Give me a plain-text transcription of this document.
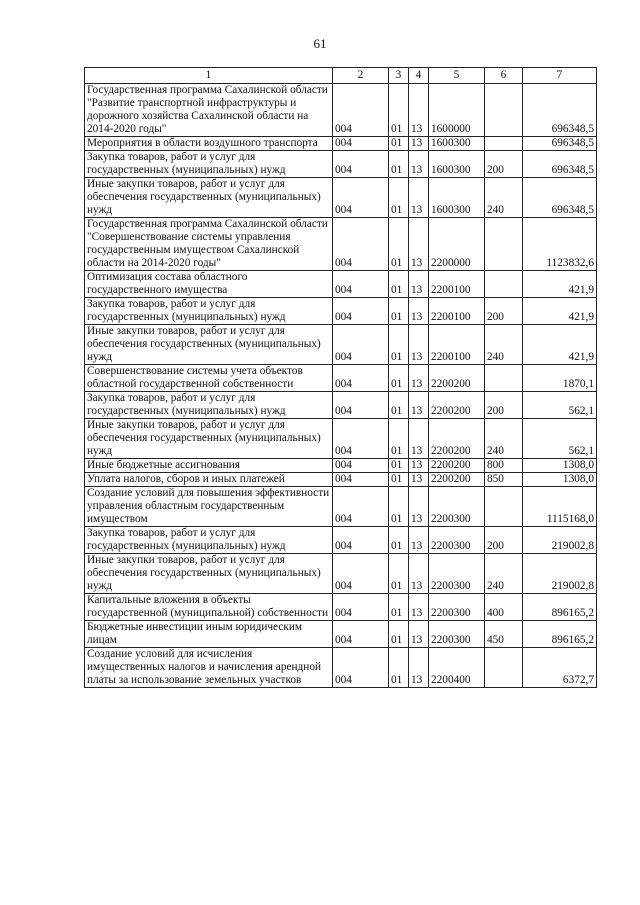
61
1	2	3	4	5	6	7
Государственная программа Сахалинской области "Развитие транспортной инфраструктуры и дорожного хозяйства Сахалинской области на 2014-2020 годы"	004	01	13	1600000		696348,5
Мероприятия в области воздушного транспорта	004	01	13	1600300		696348,5
Закупка товаров, работ и услуг для государственных (муниципальных) нужд	004	01	13	1600300	200	696348,5
Иные закупки товаров, работ и услуг для обеспечения государственных (муниципальных) нужд	004	01	13	1600300	240	696348,5
Государственная программа Сахалинской области "Совершенствование системы управления государственным имуществом Сахалинской области на 2014-2020 годы"	004	01	13	2200000		1123832,6
Оптимизация состава областного государственного имущества	004	01	13	2200100		421,9
Закупка товаров, работ и услуг для государственных (муниципальных) нужд	004	01	13	2200100	200	421,9
Иные закупки товаров, работ и услуг для обеспечения государственных (муниципальных) нужд	004	01	13	2200100	240	421,9
Совершенствование системы учета объектов областной государственной собственности	004	01	13	2200200		1870,1
Закупка товаров, работ и услуг для государственных (муниципальных) нужд	004	01	13	2200200	200	562,1
Иные закупки товаров, работ и услуг для обеспечения государственных (муниципальных) нужд	004	01	13	2200200	240	562,1
Иные бюджетные ассигнования	004	01	13	2200200	800	1308,0
Уплата налогов, сборов и иных платежей	004	01	13	2200200	850	1308,0
Создание условий для повышения эффективности управления областным государственным имуществом	004	01	13	2200300		1115168,0
Закупка товаров, работ и услуг для государственных (муниципальных) нужд	004	01	13	2200300	200	219002,8
Иные закупки товаров, работ и услуг для обеспечения государственных (муниципальных) нужд	004	01	13	2200300	240	219002,8
Капитальные вложения в объекты государственной (муниципальной) собственности	004	01	13	2200300	400	896165,2
Бюджетные инвестиции иным юридическим лицам	004	01	13	2200300	450	896165,2
Создание условий для исчисления имущественных налогов и начисления арендной платы за использование земельных участков	004	01	13	2200400		6372,7
